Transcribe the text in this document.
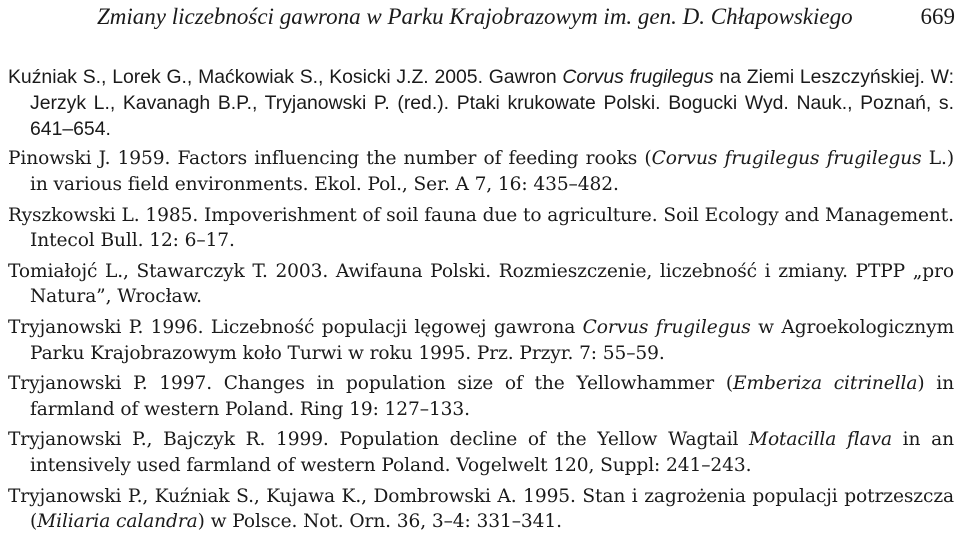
Zmiany liczebności gawrona w Parku Krajobrazowym im. gen. D. Chłapowskiego	669

Kuźniak S., Lorek G., Maćkowiak S., Kosicki J.Z. 2005. Gawron Corvus frugilegus na Ziemi Leszczyńskiej. W: Jerzyk L., Kavanagh B.P., Tryjanowski P. (red.). Ptaki krukowate Polski. Bogucki Wyd. Nauk., Poznań, s. 641–654.

Pinowski J. 1959. Factors influencing the number of feeding rooks (Corvus frugilegus frugilegus L.) in various field environments. Ekol. Pol., Ser. A 7, 16: 435–482.

Ryszkowski L. 1985. Impoverishment of soil fauna due to agriculture. Soil Ecology and Management. Intecol Bull. 12: 6–17.

Tomiałojć L., Stawarczyk T. 2003. Awifauna Polski. Rozmieszczenie, liczebność i zmiany. PTPP „pro Natura”, Wrocław.

Tryjanowski P. 1996. Liczebność populacji lęgowej gawrona Corvus frugilegus w Agroekologicznym Parku Krajobrazowym koło Turwi w roku 1995. Prz. Przyr. 7: 55–59.

Tryjanowski P. 1997. Changes in population size of the Yellowhammer (Emberiza citrinella) in farmland of western Poland. Ring 19: 127–133.

Tryjanowski P., Bajczyk R. 1999. Population decline of the Yellow Wagtail Motacilla flava in an intensively used farmland of western Poland. Vogelwelt 120, Suppl: 241–243.

Tryjanowski P., Kuźniak S., Kujawa K., Dombrowski A. 1995. Stan i zagrożenia populacji potrzeszcza (Miliaria calandra) w Polsce. Not. Orn. 36, 3–4: 331–341.
